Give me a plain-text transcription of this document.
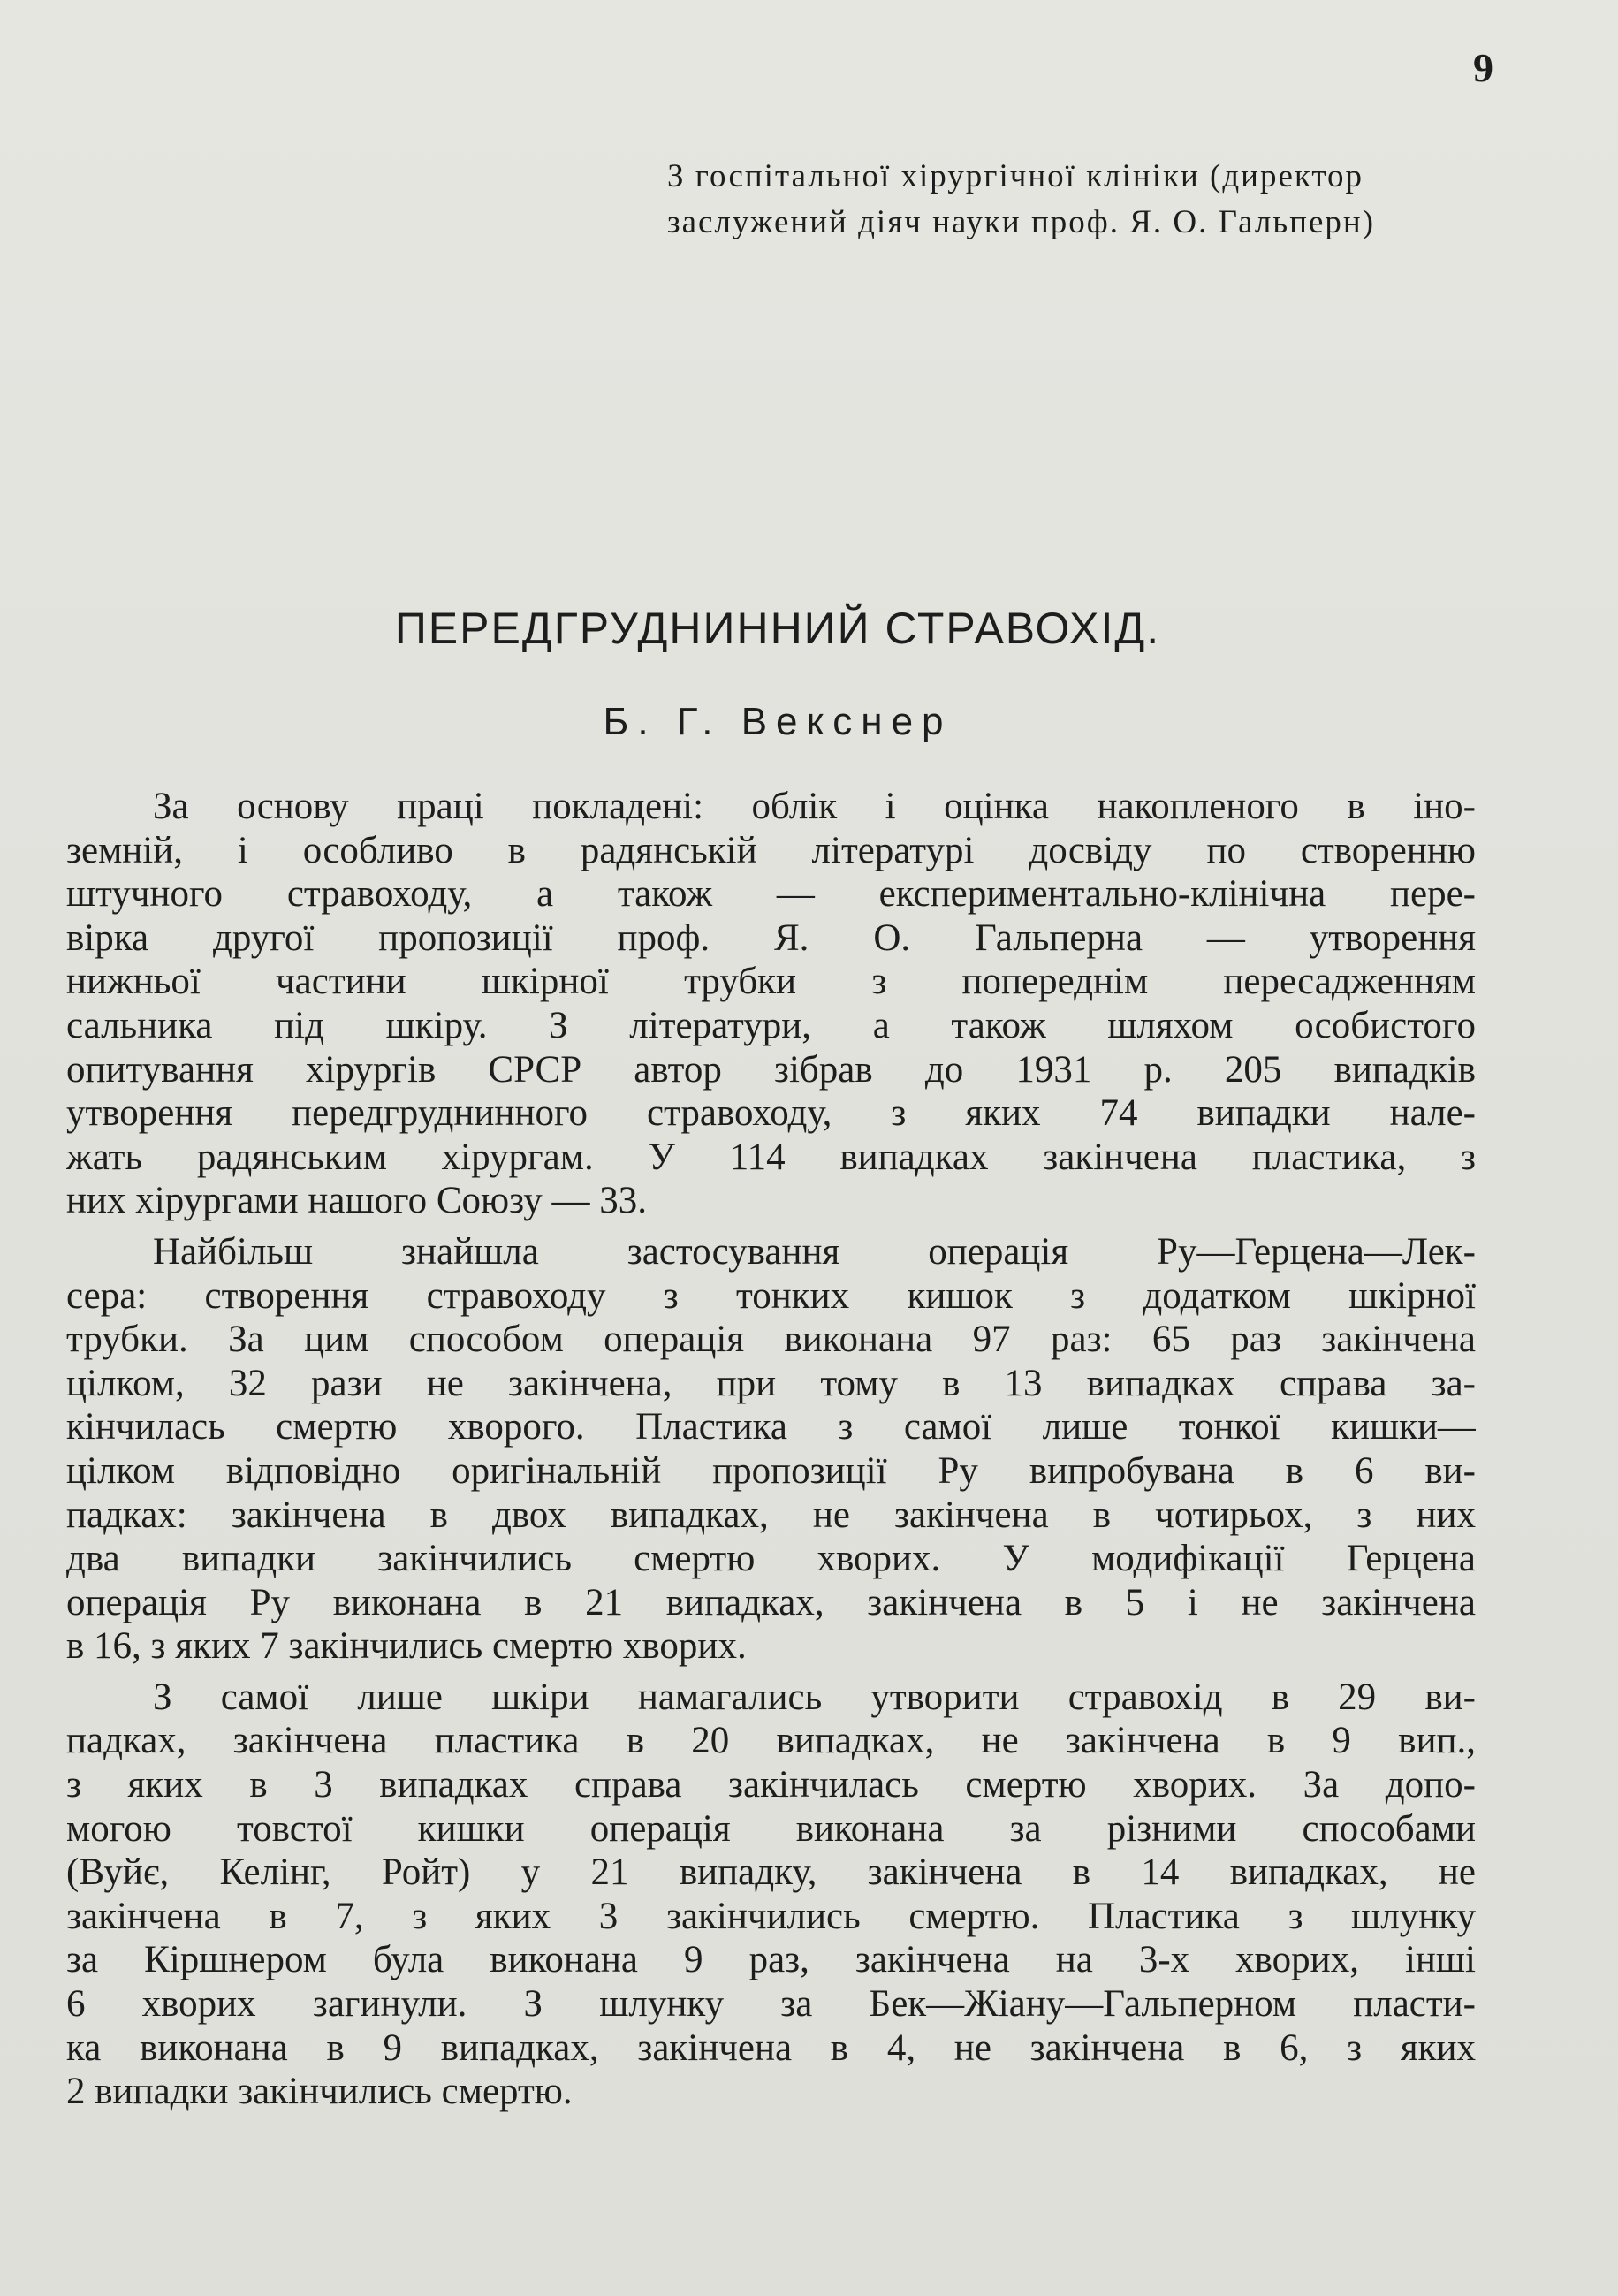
9

З госпітальної хірургічної клініки (директор

заслужений діяч науки проф. Я. О. Гальперн)

ПЕРЕДГРУДНИННИЙ СТРАВОХІД.
Б. Г. Векснер
За основу праці покладені: облік і оцінка накопленого в іно-
земній, і особливо в радянській літературі досвіду по створенню
штучного стравоходу, а також — експериментально-клінічна пере-
вірка другої пропозиції проф. Я. О. Гальперна — утворення
нижньої частини шкірної трубки з попереднім пересадженням
сальника під шкіру. З літератури, а також шляхом особистого
опитування хірургів СРСР автор зібрав до 1931 р. 205 випадків
утворення передгруднинного стравоходу, з яких 74 випадки нале-
жать радянським хірургам. У 114 випадках закінчена пластика, з
них хірургами нашого Союзу — 33.
Найбільш знайшла застосування операція Ру—Герцена—Лек-
сера: створення стравоходу з тонких кишок з додатком шкірної
трубки. За цим способом операція виконана 97 раз: 65 раз закінчена
цілком, 32 рази не закінчена, при тому в 13 випадках справа за-
кінчилась смертю хворого. Пластика з самої лише тонкої кишки—
цілком відповідно оригінальній пропозиції Ру випробувана в 6 ви-
падках: закінчена в двох випадках, не закінчена в чотирьох, з них
два випадки закінчились смертю хворих. У модифікації Герцена
операція Ру виконана в 21 випадках, закінчена в 5 і не закінчена
в 16, з яких 7 закінчились смертю хворих.
З самої лише шкіри намагались утворити стравохід в 29 ви-
падках, закінчена пластика в 20 випадках, не закінчена в 9 вип.,
з яких в 3 випадках справа закінчилась смертю хворих. За допо-
могою товстої кишки операція виконана за різними способами
(Вуйє, Келінг, Ройт) у 21 випадку, закінчена в 14 випадках, не
закінчена в 7, з яких 3 закінчились смертю. Пластика з шлунку
за Кіршнером була виконана 9 раз, закінчена на 3-х хворих, інші
6 хворих загинули. З шлунку за Бек—Жіану—Гальперном пласти-
ка виконана в 9 випадках, закінчена в 4, не закінчена в 6, з яких
2 випадки закінчились смертю.
